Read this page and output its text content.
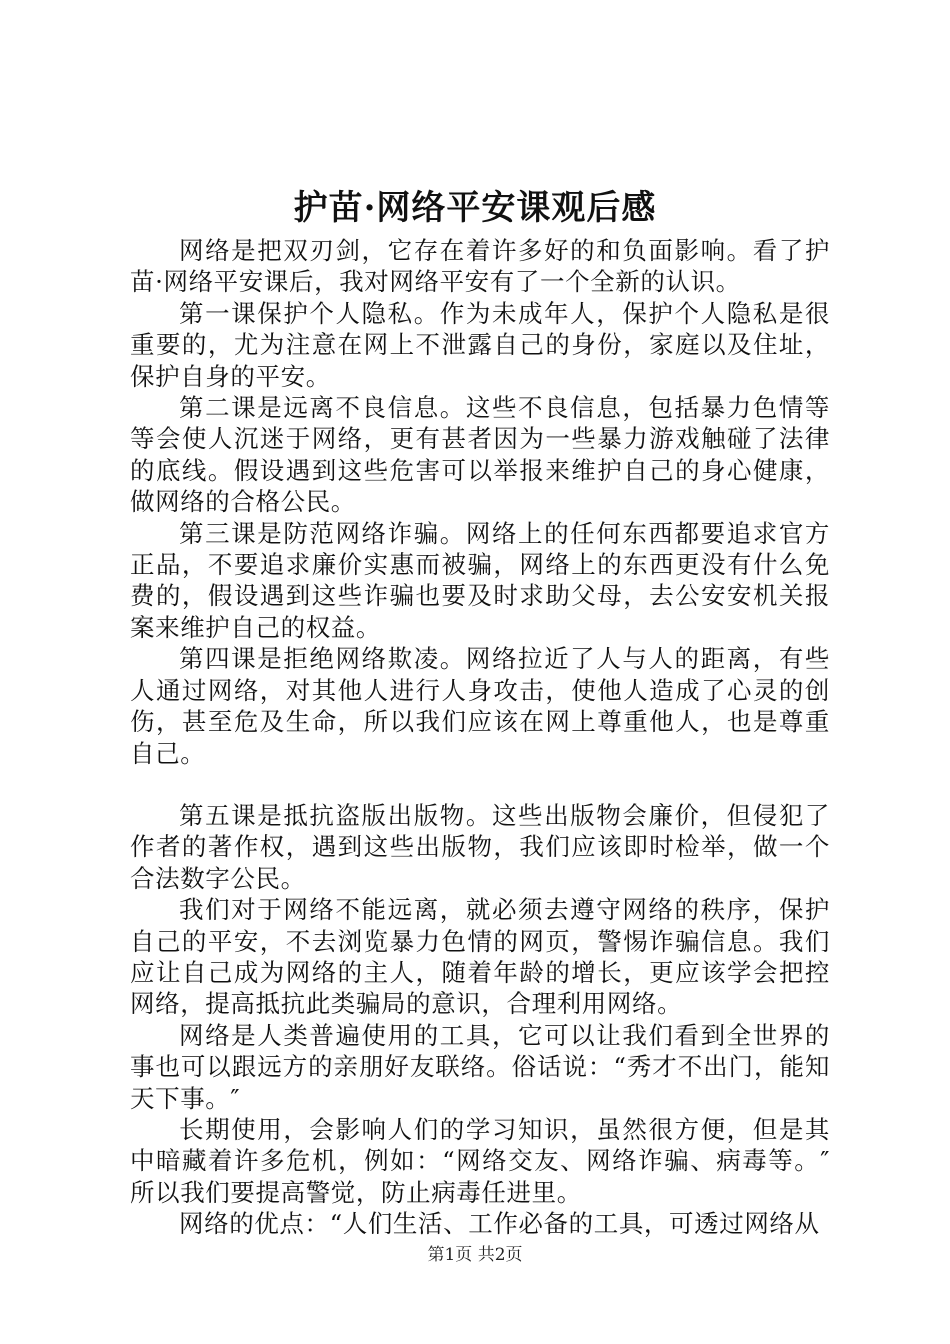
护苗·网络平安课观后感

网络是把双刃剑，它存在着许多好的和负面影响。看了护苗·网络平安课后，我对网络平安有了一个全新的认识。

第一课保护个人隐私。作为未成年人，保护个人隐私是很重要的，尤为注意在网上不泄露自己的身份，家庭以及住址，保护自身的平安。

第二课是远离不良信息。这些不良信息，包括暴力色情等等会使人沉迷于网络，更有甚者因为一些暴力游戏触碰了法律的底线。假设遇到这些危害可以举报来维护自己的身心健康，做网络的合格公民。

第三课是防范网络诈骗。网络上的任何东西都要追求官方正品，不要追求廉价实惠而被骗，网络上的东西更没有什么免费的，假设遇到这些诈骗也要及时求助父母，去公安安机关报案来维护自己的权益。

第四课是拒绝网络欺凌。网络拉近了人与人的距离，有些人通过网络，对其他人进行人身攻击，使他人造成了心灵的创伤，甚至危及生命，所以我们应该在网上尊重他人，也是尊重自己。

第五课是抵抗盗版出版物。这些出版物会廉价，但侵犯了作者的著作权，遇到这些出版物，我们应该即时检举，做一个合法数字公民。

我们对于网络不能远离，就必须去遵守网络的秩序，保护自己的平安，不去浏览暴力色情的网页，警惕诈骗信息。我们应让自己成为网络的主人，随着年龄的增长，更应该学会把控网络，提高抵抗此类骗局的意识，合理利用网络。

网络是人类普遍使用的工具，它可以让我们看到全世界的事也可以跟远方的亲朋好友联络。俗话说：“秀才不出门，能知天下事。″

长期使用，会影响人们的学习知识，虽然很方便，但是其中暗藏着许多危机，例如：“网络交友、网络诈骗、病毒等。″所以我们要提高警觉，防止病毒任进里。

网络的优点：“人们生活、工作必备的工具，可透过网络从

第1页 共2页
